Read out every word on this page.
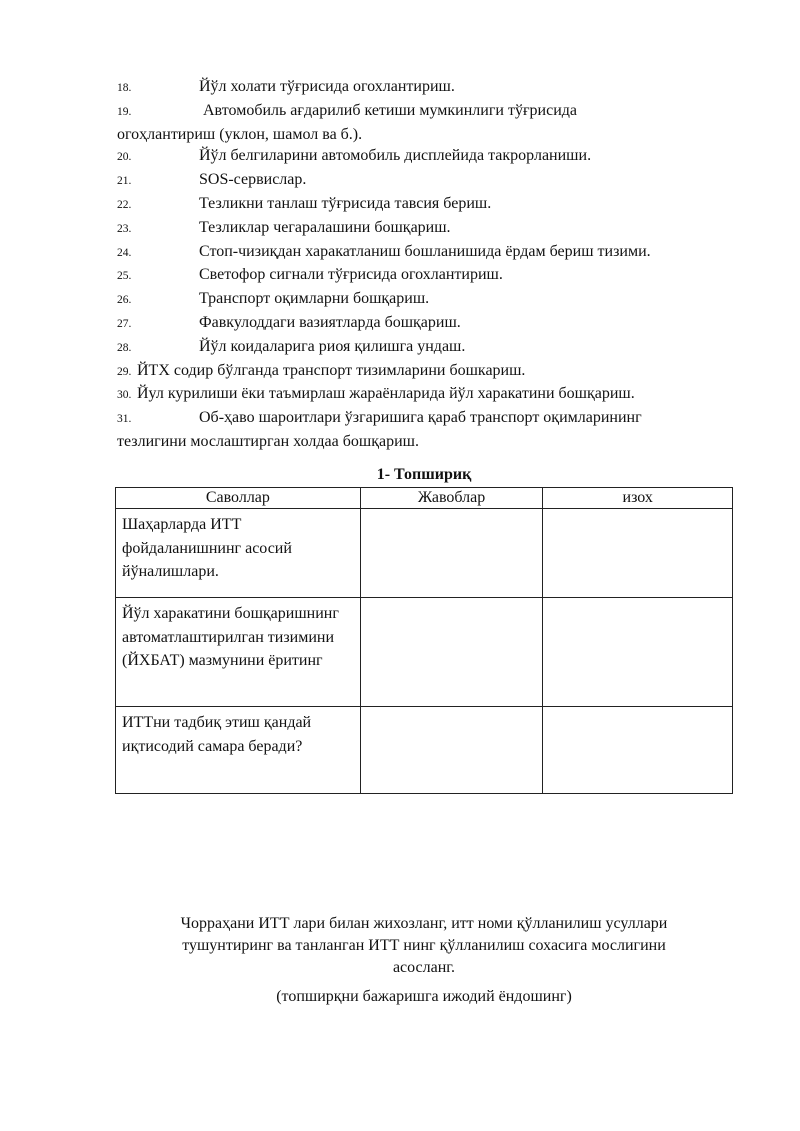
18.	Йўл холати тўғрисида огохлантириш.
19.	Автомобиль ағдарилиб кетиши мумкинлиги тўғрисида
огоҳлантириш (уклон, шамол ва б.).
20.	Йўл белгиларини автомобиль дисплейида такрорланиши.
21.	SOS-сервислар.
22.	Тезликни танлаш тўғрисида тавсия бериш.
23.	Тезликлар чегаралашини бошқариш.
24.	Стоп-чизиқдан харакатланиш бошланишида ёрдам бериш тизими.
25.	Светофор сигнали тўғрисида огохлантириш.
26.	Транспорт оқимларни бошқариш.
27.	Фавкулоддаги вазиятларда бошқариш.
28.	Йўл коидаларига риоя қилишга ундаш.
29. ЙТХ содир бўлганда транспорт тизимларини бошкариш.
30. Йул курилиши ёки таъмирлаш жараёнларида йўл харакатини бошқариш.
31.	Об-ҳаво шароитлари ўзгаришига қараб транспорт оқимларининг
тезлигини мослаштирган холдаа бошқариш.
1- Топшириқ
Саволлар	Жавоблар	изох
Шаҳарларда ИТТ фойдаланишнинг асосий йўналишлари.		
Йўл харакатини бошқаришнинг автоматлаштирилган тизимини (ЙХБАТ) мазмунини ёритинг		
ИТТни тадбиқ этиш қандай иқтисодий самара беради?		
Чорраҳани ИТТ лари билан жихозланг, итт номи қўлланилиш усуллари
тушунтиринг ва танланган ИТТ нинг қўлланилиш сохасига мослигини
асосланг.
(топширқни бажаришга ижодий ёндошинг)
